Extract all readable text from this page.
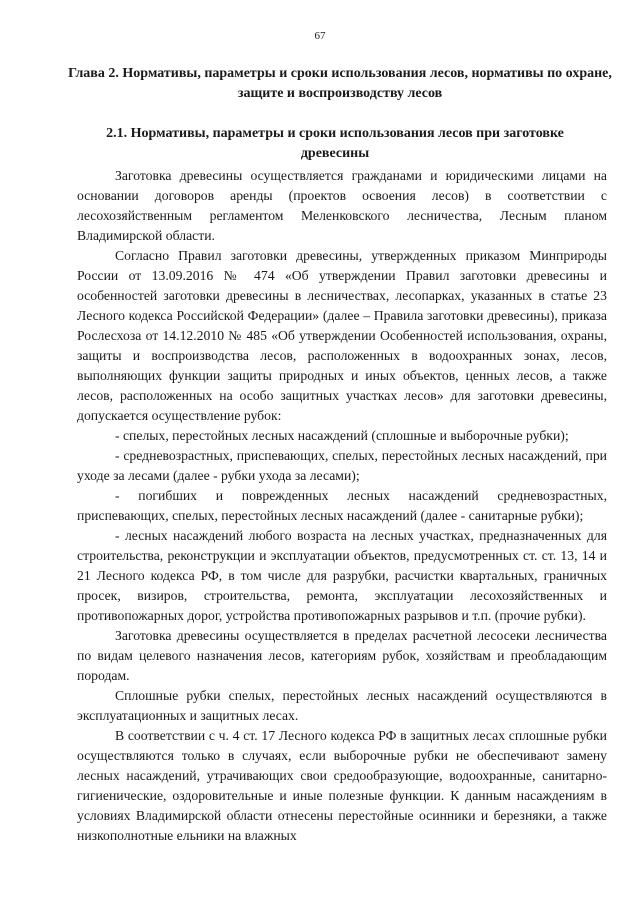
67

Глава 2. Нормативы, параметры и сроки использования лесов, нормативы по охране, защите и воспроизводству лесов
2.1. Нормативы, параметры и сроки использования лесов при заготовке древесины

Заготовка древесины осуществляется гражданами и юридическими лицами на основании договоров аренды (проектов освоения лесов) в соответствии с лесохозяйственным регламентом Меленковского лесничества, Лесным планом Владимирской области.

Согласно Правил заготовки древесины, утвержденных приказом Минприроды России от 13.09.2016 № 474 «Об утверждении Правил заготовки древесины и особенностей заготовки древесины в лесничествах, лесопарках, указанных в статье 23 Лесного кодекса Российской Федерации» (далее – Правила заготовки древесины), приказа Рослесхоза от 14.12.2010 № 485 «Об утверждении Особенностей использования, охраны, защиты и воспроизводства лесов, расположенных в водоохранных зонах, лесов, выполняющих функции защиты природных и иных объектов, ценных лесов, а также лесов, расположенных на особо защитных участках лесов» для заготовки древесины, допускается осуществление рубок:

- спелых, перестойных лесных насаждений (сплошные и выборочные рубки);

- средневозрастных, приспевающих, спелых, перестойных лесных насаждений, при уходе за лесами (далее - рубки ухода за лесами);

- погибших и поврежденных лесных насаждений средневозрастных, приспевающих, спелых, перестойных лесных насаждений (далее - санитарные рубки);

- лесных насаждений любого возраста на лесных участках, предназначенных для строительства, реконструкции и эксплуатации объектов, предусмотренных ст. ст. 13, 14 и 21 Лесного кодекса РФ, в том числе для разрубки, расчистки квартальных, граничных просек, визиров, строительства, ремонта, эксплуатации лесохозяйственных и противопожарных дорог, устройства противопожарных разрывов и т.п. (прочие рубки).

Заготовка древесины осуществляется в пределах расчетной лесосеки лесничества по видам целевого назначения лесов, категориям рубок, хозяйствам и преобладающим породам.

Сплошные рубки спелых, перестойных лесных насаждений осуществляются в эксплуатационных и защитных лесах.

В соответствии с ч. 4 ст. 17 Лесного кодекса РФ в защитных лесах сплошные рубки осуществляются только в случаях, если выборочные рубки не обеспечивают замену лесных насаждений, утрачивающих свои средообразующие, водоохранные, санитарно-гигиенические, оздоровительные и иные полезные функции. К данным насаждениям в условиях Владимирской области отнесены перестойные осинники и березняки, а также низкополнотные ельники на влажных
